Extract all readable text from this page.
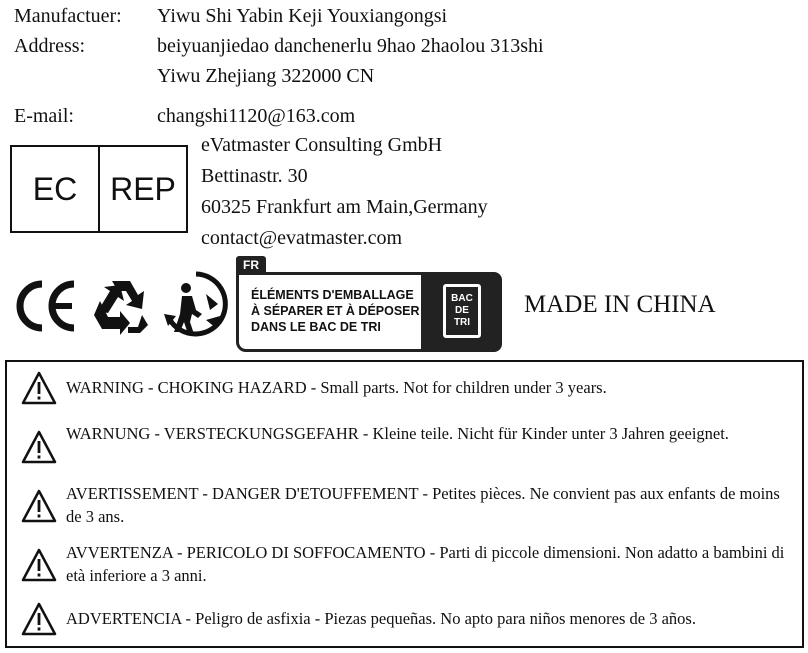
Manufactuer: Yiwu Shi Yabin Keji Youxiangongsi
Address:	beiyuanjiedao danchenerlu 9hao 2haolou 313shi
Yiwu Zhejiang 322000 CN
E-mail:	changshi1120@163.com
EC	REP
eVatmaster Consulting GmbH
Bettinastr. 30
60325 Frankfurt am Main,Germany
contact@evatmaster.com
FR
ÉLÉMENTS D'EMBALLAGE
À SÉPARER ET À DÉPOSER
DANS LE BAC DE TRI
BAC
DE
TRI
MADE IN CHINA
WARNING - CHOKING HAZARD - Small parts. Not for children under 3 years.
WARNUNG - VERSTECKUNGSGEFAHR - Kleine teile. Nicht für Kinder unter 3 Jahren geeignet.
AVERTISSEMENT - DANGER D'ETOUFFEMENT - Petites pièces. Ne convient pas aux enfants de moins de 3 ans.
AVVERTENZA - PERICOLO DI SOFFOCAMENTO - Parti di piccole dimensioni. Non adatto a bambini di età inferiore a 3 anni.
ADVERTENCIA - Peligro de asfixia - Piezas pequeñas. No apto para niños menores de 3 años.
